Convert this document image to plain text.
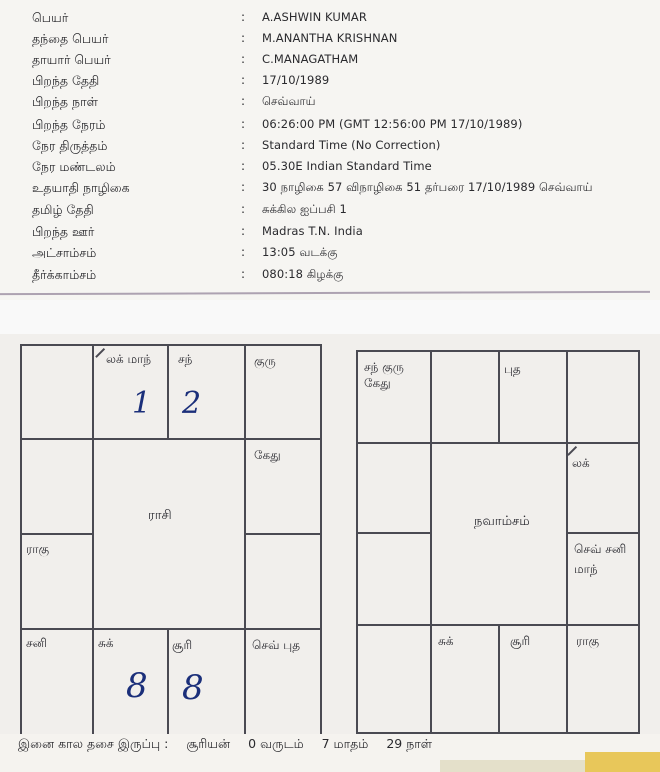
பெயர்	: A.ASHWIN KUMAR
தந்தை பெயர்	: M.ANANTHA KRISHNAN
தாயார் பெயர்	: C.MANAGATHAM
பிறந்த தேதி	: 17/10/1989
பிறந்த நாள்	: செவ்வாய்
பிறந்த நேரம்	: 06:26:00 PM (GMT 12:56:00 PM 17/10/1989)
நேர திருத்தம்	: Standard Time (No Correction)
நேர மண்டலம்	: 05.30E Indian Standard Time
உதயாதி நாழிகை	: 30 நாழிகை 57 விநாழிகை 51 தர்பரை 17/10/1989 செவ்வாய்
தமிழ் தேதி	: சுக்கில ஐப்பசி 1
பிறந்த ஊர்	: Madras T.N. India
அட்சாம்சம்	: 13:05 வடக்கு
தீர்க்காம்சம்	: 080:18 கிழக்கு
லக் மாந் சந்	குரு
கேது
ராகு
சனி	சுக்	சூரி	செவ் புத
ராசி
1 2
8 8
சந் குரு
கேது
புத
லக்
செவ் சனி
மாந்
சுக்	சூரி	ராகு
நவாம்சம்
இனை கால தசை இருப்பு : சூரியன் 0 வருடம் 7 மாதம் 29 நாள்
